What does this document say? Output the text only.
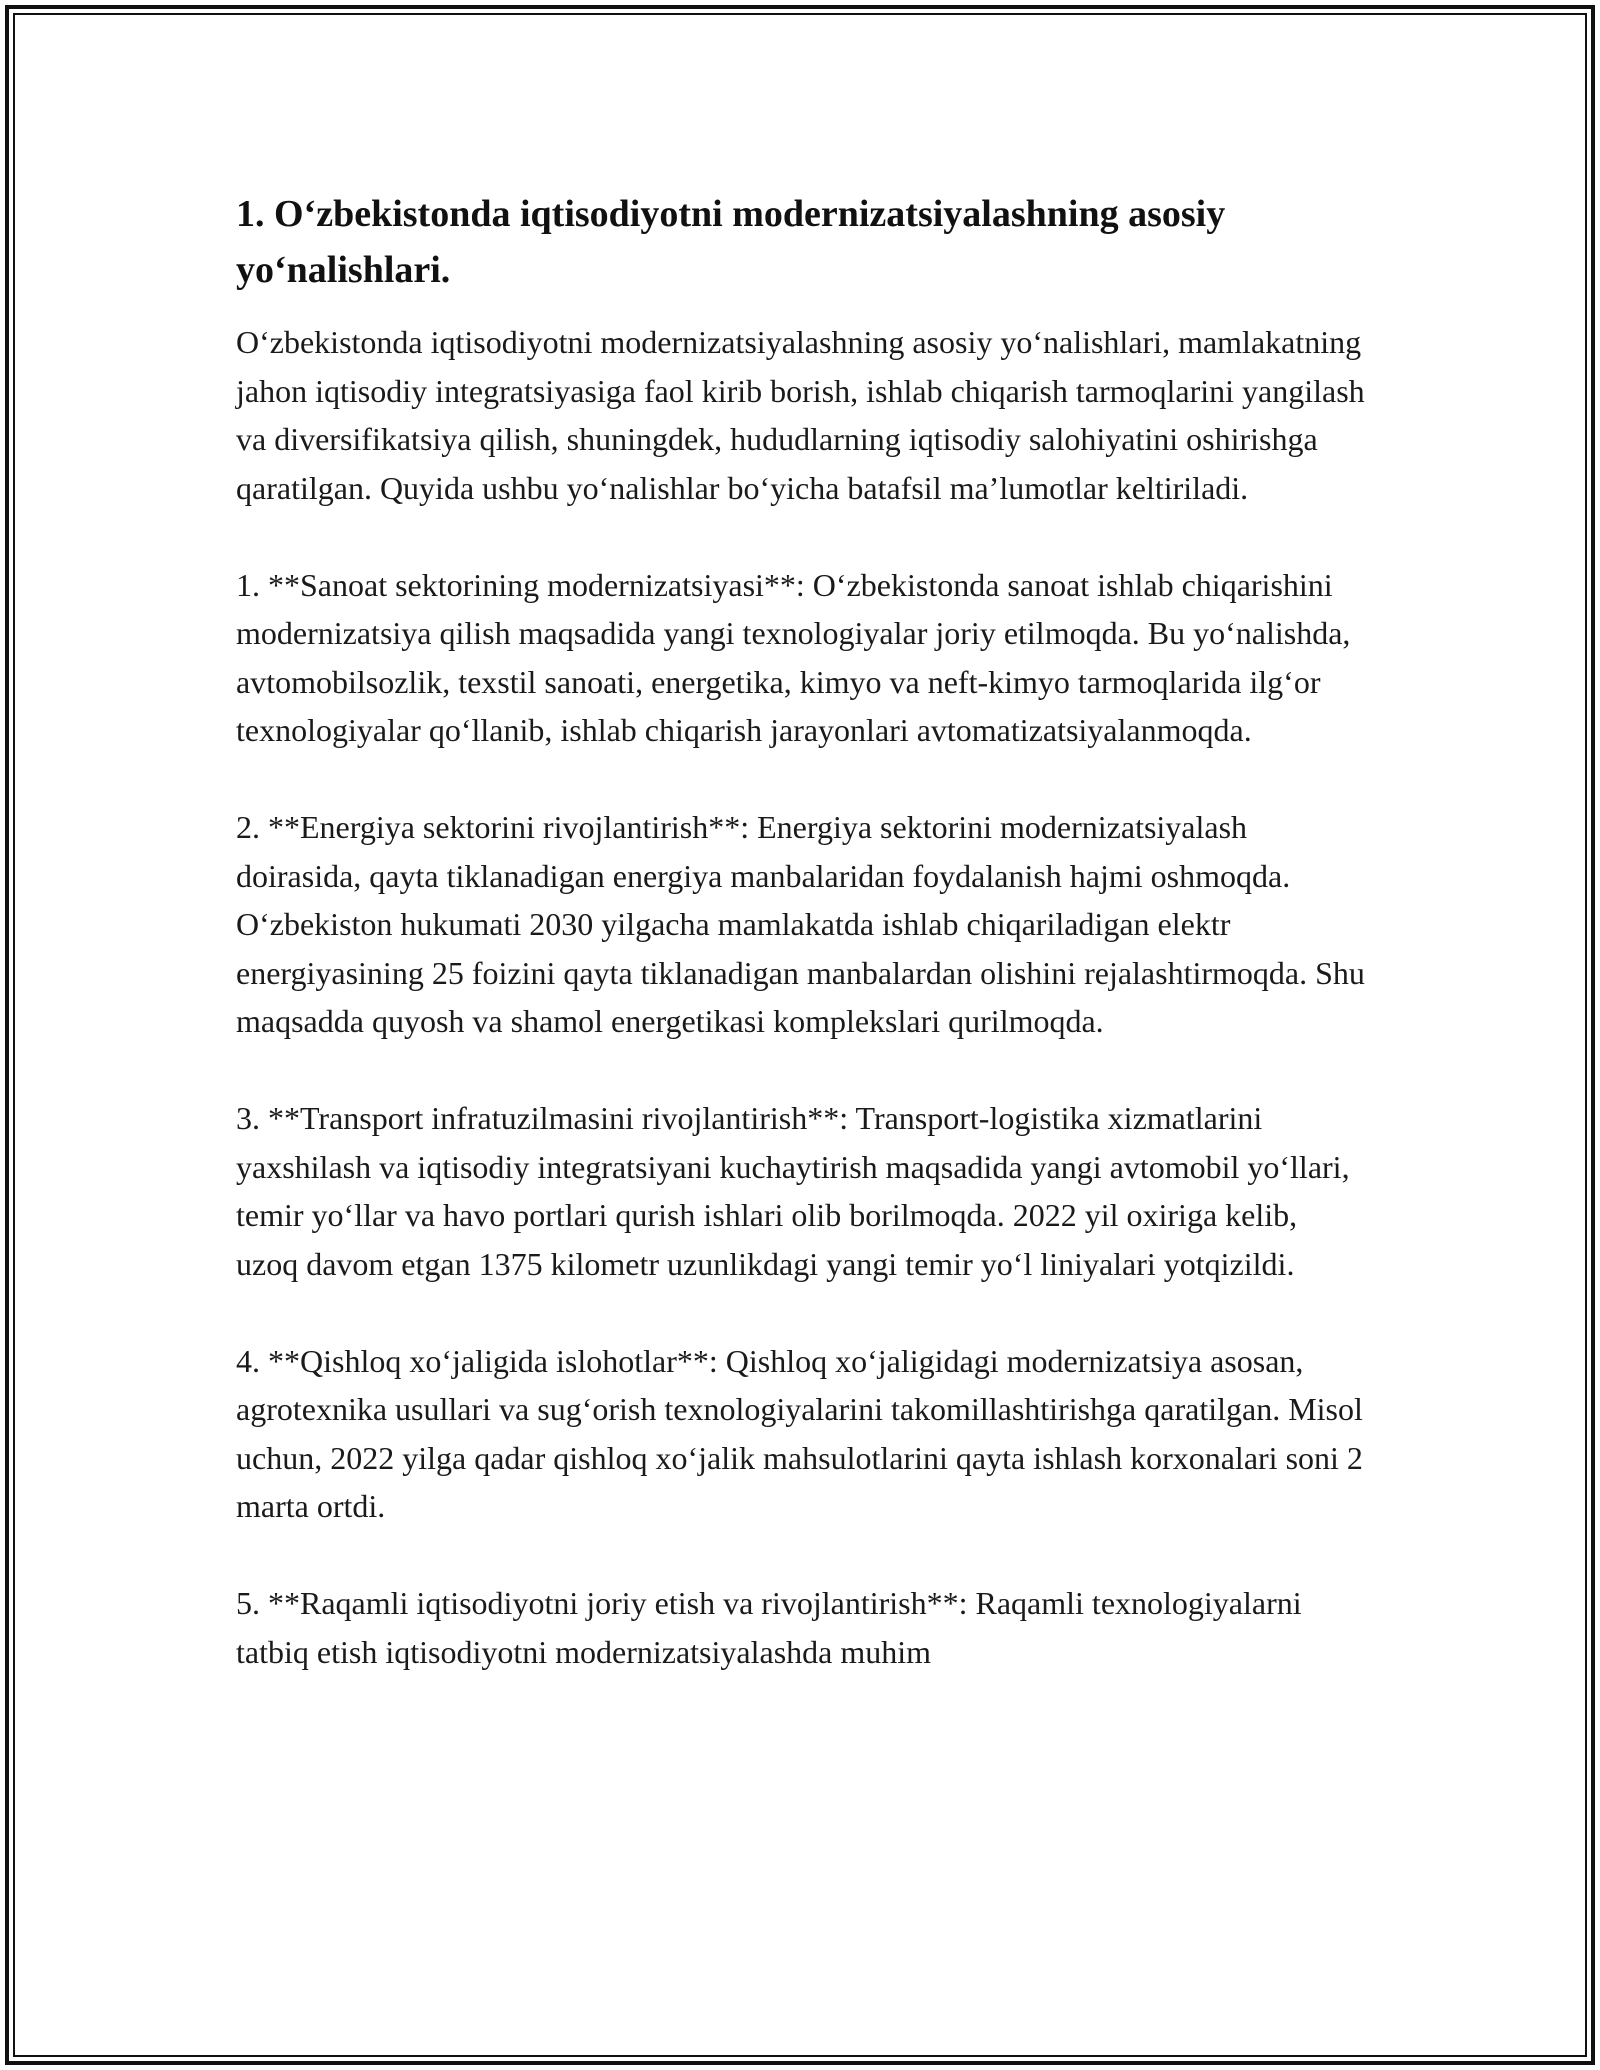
1. O‘zbekistonda iqtisodiyotni modernizatsiyalashning asosiy yo‘nalishlari.

O‘zbekistonda iqtisodiyotni modernizatsiyalashning asosiy yo‘nalishlari, mamlakatning jahon iqtisodiy integratsiyasiga faol kirib borish, ishlab chiqarish tarmoqlarini yangilash va diversifikatsiya qilish, shuningdek, hududlarning iqtisodiy salohiyatini oshirishga qaratilgan. Quyida ushbu yo‘nalishlar bo‘yicha batafsil ma’lumotlar keltiriladi.

1. **Sanoat sektorining modernizatsiyasi**: O‘zbekistonda sanoat ishlab chiqarishini modernizatsiya qilish maqsadida yangi texnologiyalar joriy etilmoqda. Bu yo‘nalishda, avtomobilsozlik, texstil sanoati, energetika, kimyo va neft-kimyo tarmoqlarida ilg‘or texnologiyalar qo‘llanib, ishlab chiqarish jarayonlari avtomatizatsiyalanmoqda.

2. **Energiya sektorini rivojlantirish**: Energiya sektorini modernizatsiyalash doirasida, qayta tiklanadigan energiya manbalaridan foydalanish hajmi oshmoqda. O‘zbekiston hukumati 2030 yilgacha mamlakatda ishlab chiqariladigan elektr energiyasining 25 foizini qayta tiklanadigan manbalardan olishini rejalashtirmoqda. Shu maqsadda quyosh va shamol energetikasi komplekslari qurilmoqda.

3. **Transport infratuzilmasini rivojlantirish**: Transport-logistika xizmatlarini yaxshilash va iqtisodiy integratsiyani kuchaytirish maqsadida yangi avtomobil yo‘llari, temir yo‘llar va havo portlari qurish ishlari olib borilmoqda. 2022 yil oxiriga kelib, uzoq davom etgan 1375 kilometr uzunlikdagi yangi temir yo‘l liniyalari yotqizildi.

4. **Qishloq xo‘jaligida islohotlar**: Qishloq xo‘jaligidagi modernizatsiya asosan, agrotexnika usullari va sug‘orish texnologiyalarini takomillashtirishga qaratilgan. Misol uchun, 2022 yilga qadar qishloq xo‘jalik mahsulotlarini qayta ishlash korxonalari soni 2 marta ortdi.

5. **Raqamli iqtisodiyotni joriy etish va rivojlantirish**: Raqamli texnologiyalarni tatbiq etish iqtisodiyotni modernizatsiyalashda muhim
